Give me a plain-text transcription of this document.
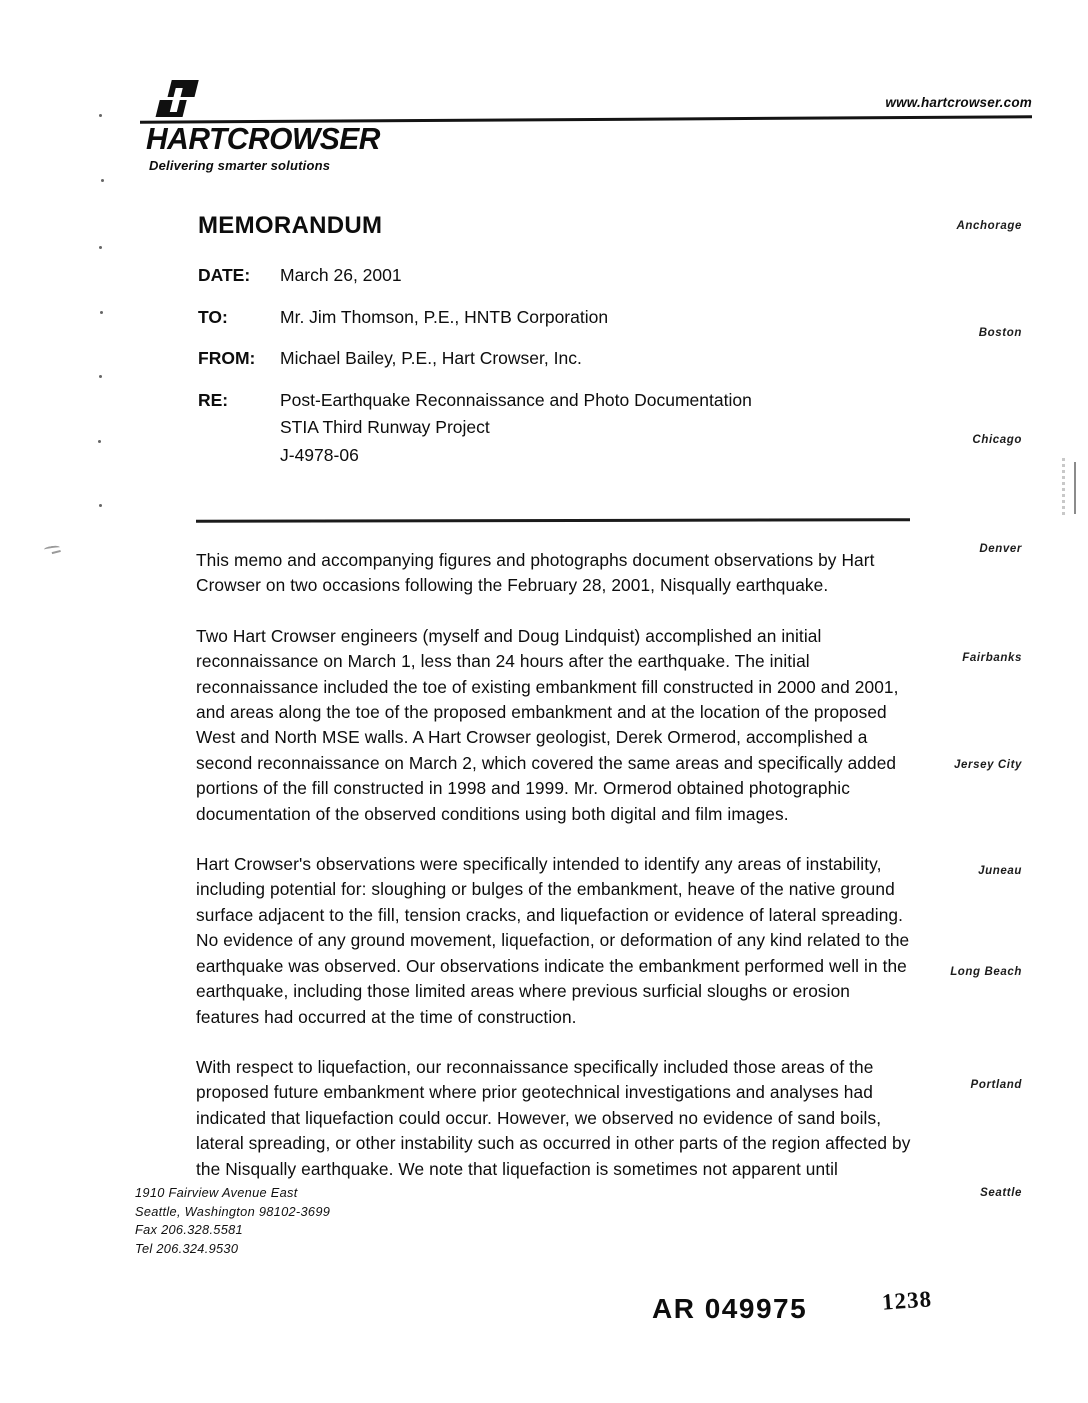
www.hartcrowser.com
HARTCROWSER
Delivering smarter solutions
MEMORANDUM
DATE:	March 26, 2001
TO:	Mr. Jim Thomson, P.E., HNTB Corporation
FROM:	Michael Bailey, P.E., Hart Crowser, Inc.
RE:	Post-Earthquake Reconnaissance and Photo Documentation
STIA Third Runway Project
J-4978-06

This memo and accompanying figures and photographs document observations by Hart Crowser on two occasions following the February 28, 2001, Nisqually earthquake.

Two Hart Crowser engineers (myself and Doug Lindquist) accomplished an initial reconnaissance on March 1, less than 24 hours after the earthquake. The initial reconnaissance included the toe of existing embankment fill constructed in 2000 and 2001, and areas along the toe of the proposed embankment and at the location of the proposed West and North MSE walls. A Hart Crowser geologist, Derek Ormerod, accomplished a second reconnaissance on March 2, which covered the same areas and specifically added portions of the fill constructed in 1998 and 1999. Mr. Ormerod obtained photographic documentation of the observed conditions using both digital and film images.

Hart Crowser's observations were specifically intended to identify any areas of instability, including potential for: sloughing or bulges of the embankment, heave of the native ground surface adjacent to the fill, tension cracks, and liquefaction or evidence of lateral spreading. No evidence of any ground movement, liquefaction, or deformation of any kind related to the earthquake was observed. Our observations indicate the embankment performed well in the earthquake, including those limited areas where previous surficial sloughs or erosion features had occurred at the time of construction.

With respect to liquefaction, our reconnaissance specifically included those areas of the proposed future embankment where prior geotechnical investigations and analyses had indicated that liquefaction could occur. However, we observed no evidence of sand boils, lateral spreading, or other instability such as occurred in other parts of the region affected by the Nisqually earthquake. We note that liquefaction is sometimes not apparent until

Anchorage
Boston
Chicago
Denver
Fairbanks
Jersey City
Juneau
Long Beach
Portland
Seattle
1910 Fairview Avenue East
Seattle, Washington 98102-3699
Fax 206.328.5581
Tel 206.324.9530
AR 049975	1238
